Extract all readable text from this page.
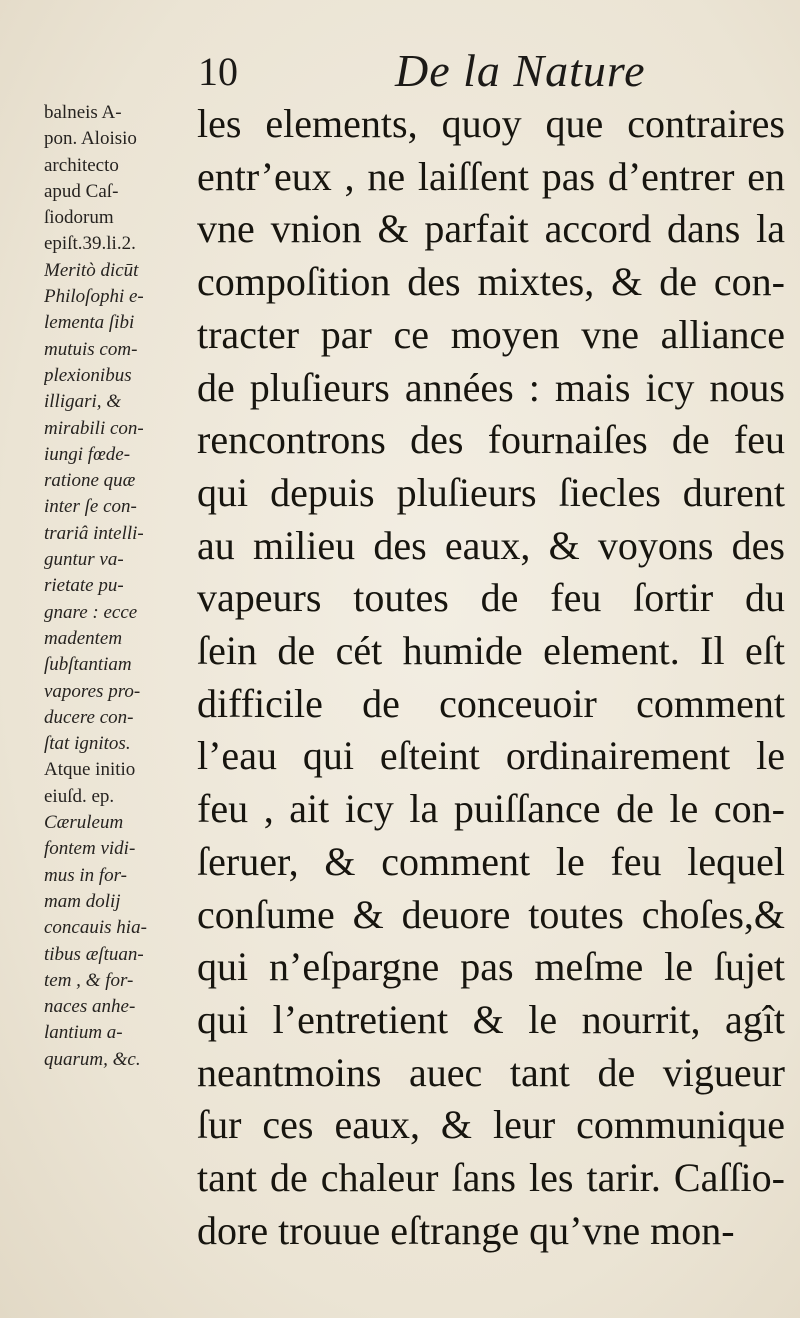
10	De la Nature
balneis A-
pon. Aloisio
architecto
apud Caſ-
ſiodorum
epiſt.39.li.2.
Meritò dicūt
Philoſophi e-
lementa ſibi
mutuis com-
plexionibus
illigari, &
mirabili con-
iungi fœde-
ratione quæ
inter ſe con-
trariâ intelli-
guntur va-
rietate pu-
gnare : ecce
madentem
ſubſtantiam
vapores pro-
ducere con-
ſtat ignitos.
Atque initio
eiuſd. ep.
Cæruleum
fontem vidi-
mus in for-
mam dolij
concauis hia-
tibus æſtuan-
tem , & for-
naces anhe-
lantium a-
quarum, &c.
les elements, quoy que contraires
entr’eux , ne laiſſent pas d’entrer en
vne vnion & parfait accord dans la
compoſition des mixtes, & de con-
tracter par ce moyen vne alliance
de pluſieurs années : mais icy nous
rencontrons des fournaiſes de feu
qui depuis pluſieurs ſiecles durent
au milieu des eaux, & voyons des
vapeurs toutes de feu ſortir du
ſein de cét humide element. Il eſt
difficile de conceuoir comment
l’eau qui eſteint ordinairement le
feu , ait icy la puiſſance de le con-
ſeruer, & comment le feu lequel
conſume & deuore toutes choſes,&
qui n’eſpargne pas meſme le ſujet
qui l’entretient & le nourrit, agît
neantmoins auec tant de vigueur
ſur ces eaux, & leur communique
tant de chaleur ſans les tarir. Caſſio-
dore trouue eſtrange qu’vne mon-
